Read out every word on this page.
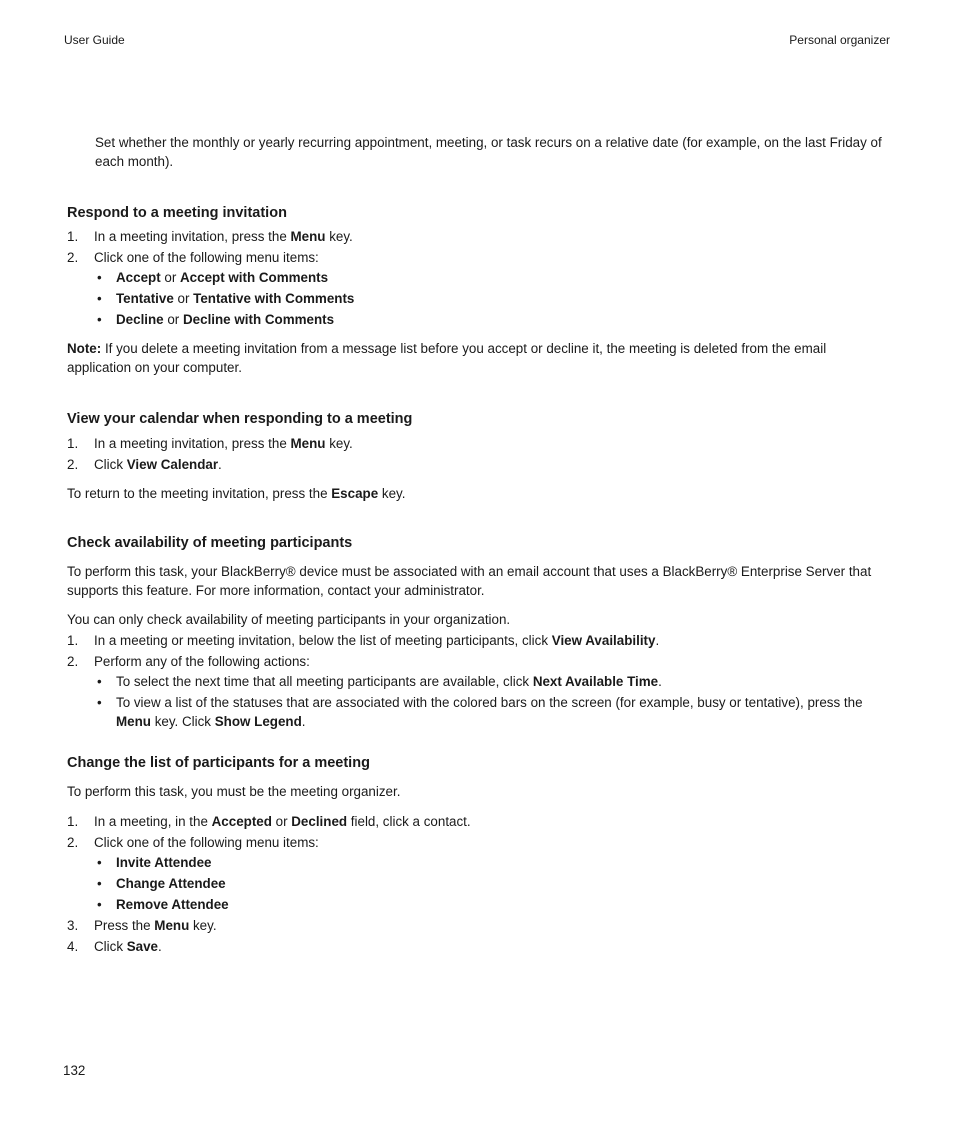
User Guide	Personal organizer

Set whether the monthly or yearly recurring appointment, meeting, or task recurs on a relative date (for example, on the last Friday of each month).

Respond to a meeting invitation
1. In a meeting invitation, press the Menu key.
2. Click one of the following menu items:
• Accept or Accept with Comments
• Tentative or Tentative with Comments
• Decline or Decline with Comments

Note: If you delete a meeting invitation from a message list before you accept or decline it, the meeting is deleted from the email application on your computer.

View your calendar when responding to a meeting
1. In a meeting invitation, press the Menu key.
2. Click View Calendar.

To return to the meeting invitation, press the Escape key.

Check availability of meeting participants

To perform this task, your BlackBerry® device must be associated with an email account that uses a BlackBerry® Enterprise Server that supports this feature. For more information, contact your administrator.

You can only check availability of meeting participants in your organization.

1. In a meeting or meeting invitation, below the list of meeting participants, click View Availability.
2. Perform any of the following actions:
• To select the next time that all meeting participants are available, click Next Available Time.
• To view a list of the statuses that are associated with the colored bars on the screen (for example, busy or tentative), press the Menu key. Click Show Legend.
Change the list of participants for a meeting

To perform this task, you must be the meeting organizer.

1. In a meeting, in the Accepted or Declined field, click a contact.
2. Click one of the following menu items:
• Invite Attendee
• Change Attendee
• Remove Attendee
3. Press the Menu key.
4. Click Save.
132
